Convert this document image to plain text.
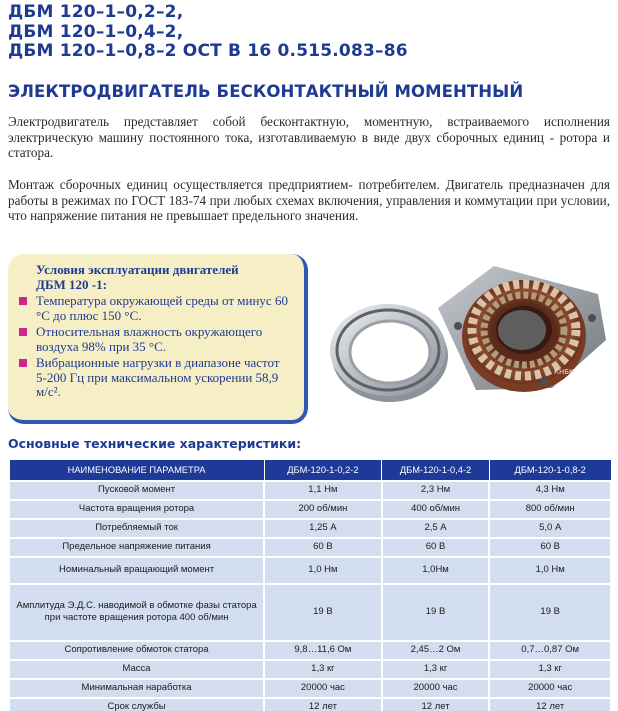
ДБМ 120–1–0,2–2,
ДБМ 120–1–0,4–2,
ДБМ 120–1–0,8–2 ОСТ В 16 0.515.083–86
ЭЛЕКТРОДВИГАТЕЛЬ БЕСКОНТАКТНЫЙ МОМЕНТНЫЙ

Электродвигатель представляет собой бесконтактную, моментную, встраиваемого исполнения электрическую машину постоянного тока, изготавливаемую в виде двух сборочных единиц - ротора и статора.

Монтаж сборочных единиц осуществляется предприятием- потребителем. Двигатель предназначен для работы в режимах по ГОСТ 183-74 при любых схемах включения, управления и коммутации при условии, что напряжение питания не превышает предельного значения.

Условия эксплуатации двигателей
ДБМ 120 -1:
Температура окружающей среды от минус 60 °С до плюс 150 °С.
Относительная влажность окружающего воздуха 98% при 35 °С.
Вибрационные нагрузки в диапазоне частот 5-200 Гц при максимальном ускорении 58,9 м/с².
КНБК
Основные технические характеристики:
НАИМЕНОВАНИЕ ПАРАМЕТРА	ДБМ-120-1-0,2-2	ДБМ-120-1-0,4-2	ДБМ-120-1-0,8-2
Пусковой момент	1,1 Нм	2,3 Нм	4,3 Нм
Частота вращения ротора	200 об/мин	400 об/мин	800 об/мин
Потребляемый ток	1,25 А	2,5 А	5,0 А
Предельное напряжение питания	60 В	60 В	60 В
Номинальный вращающий момент	1,0 Нм	1,0Нм	1,0 Нм
Амплитуда Э.Д.С. наводимой в обмотке фазы статора при частоте вращения ротора 400 об/мин	19 В	19 В	19 В
Сопротивление обмоток статора	9,8…11,6 Ом	2,45…2 Ом	0,7…0,87 Ом
Масса	1,3 кг	1,3 кг	1,3 кг
Минимальная наработка	20000 час	20000 час	20000 час
Срок службы	12 лет	12 лет	12 лет
